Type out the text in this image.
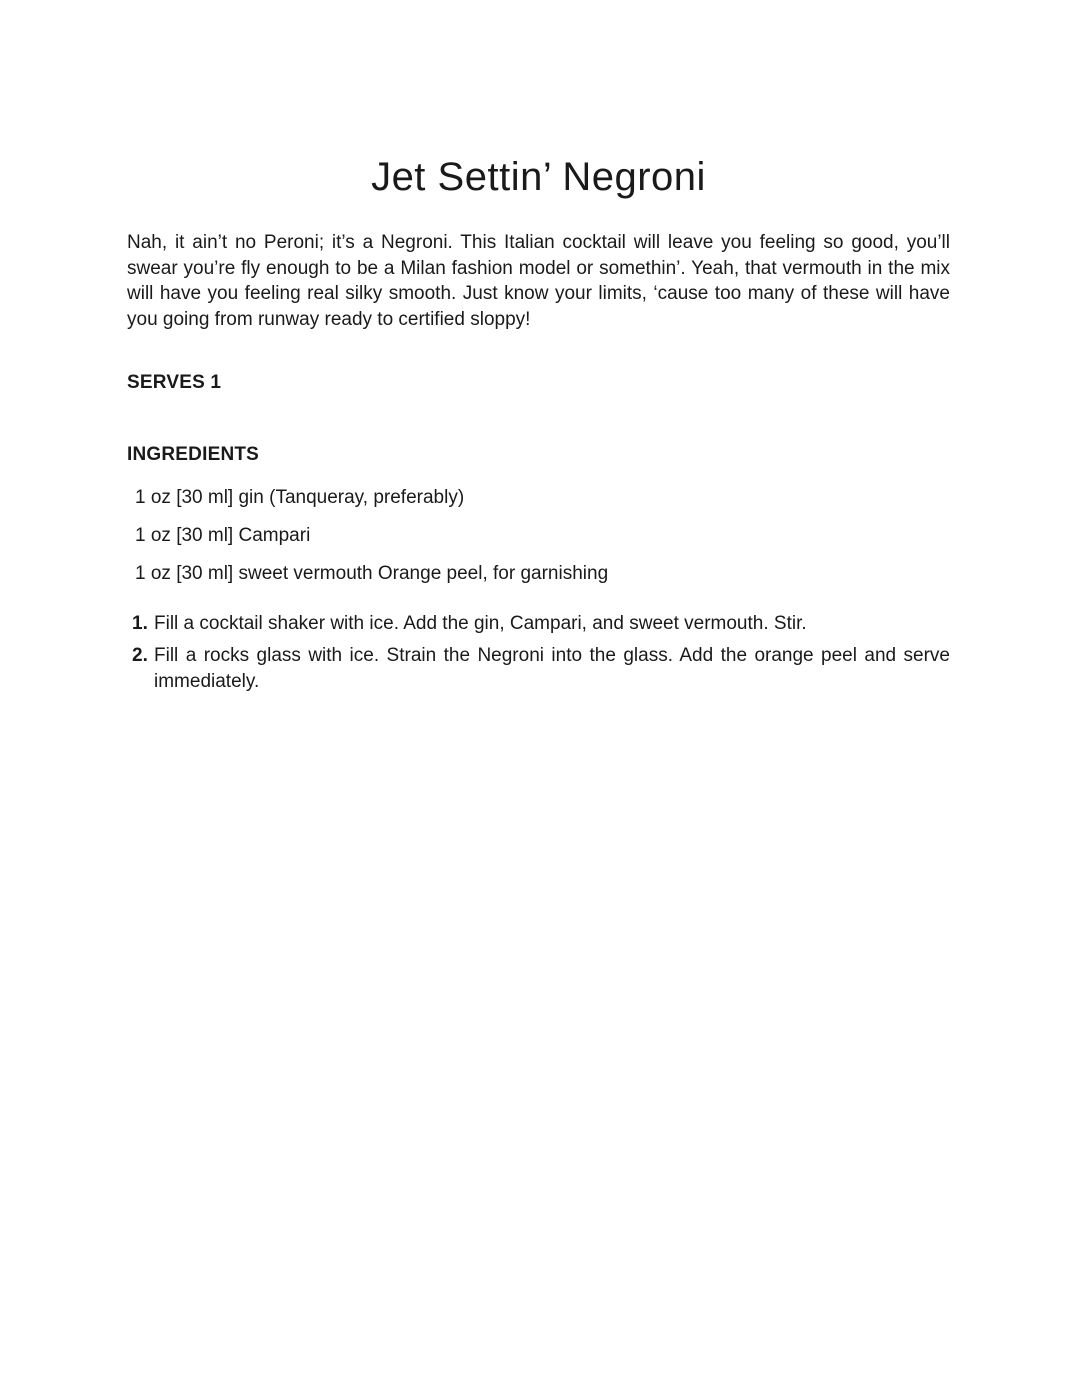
Jet Settin’ Negroni

Nah, it ain’t no Peroni; it’s a Negroni. This Italian cocktail will leave you feeling so good, you’ll swear you’re fly enough to be a Milan fashion model or somethin’. Yeah, that vermouth in the mix will have you feeling real silky smooth. Just know your limits, ‘cause too many of these will have you going from runway ready to certified sloppy!

SERVES 1
INGREDIENTS
1 oz [30 ml] gin (Tanqueray, preferably)
1 oz [30 ml] Campari
1 oz [30 ml] sweet vermouth Orange peel, for garnishing
1. Fill a cocktail shaker with ice. Add the gin, Campari, and sweet vermouth. Stir.
2. Fill a rocks glass with ice. Strain the Negroni into the glass. Add the orange peel and serve immediately.
